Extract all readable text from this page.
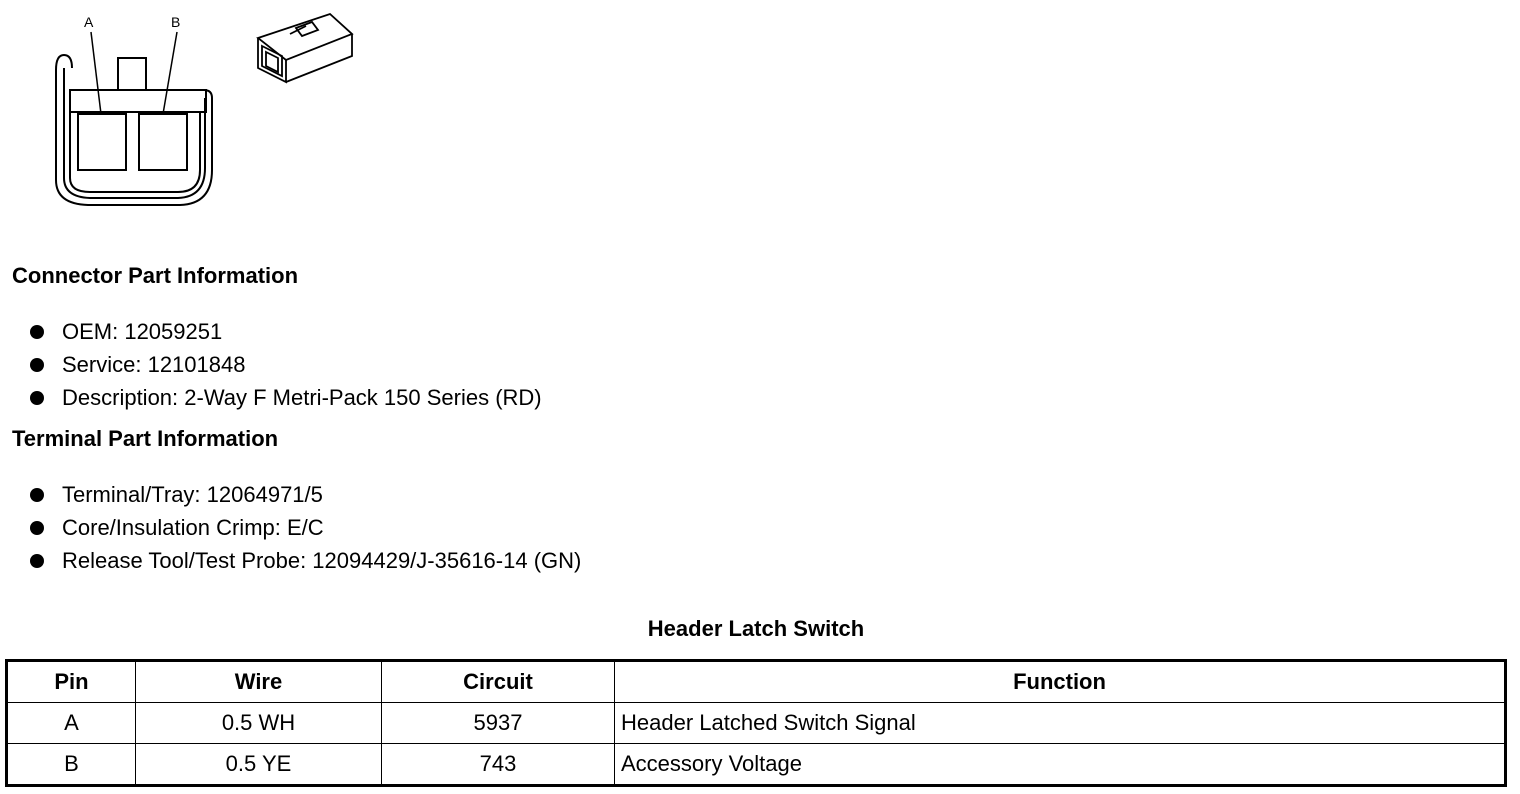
A	B
Connector Part Information
OEM: 12059251
Service: 12101848
Description: 2-Way F Metri-Pack 150 Series (RD)
Terminal Part Information
Terminal/Tray: 12064971/5
Core/Insulation Crimp: E/C
Release Tool/Test Probe: 12094429/J-35616-14 (GN)
Header Latch Switch
Pin	Wire	Circuit	Function
A	0.5 WH	5937	Header Latched Switch Signal
B	0.5 YE	743	Accessory Voltage
